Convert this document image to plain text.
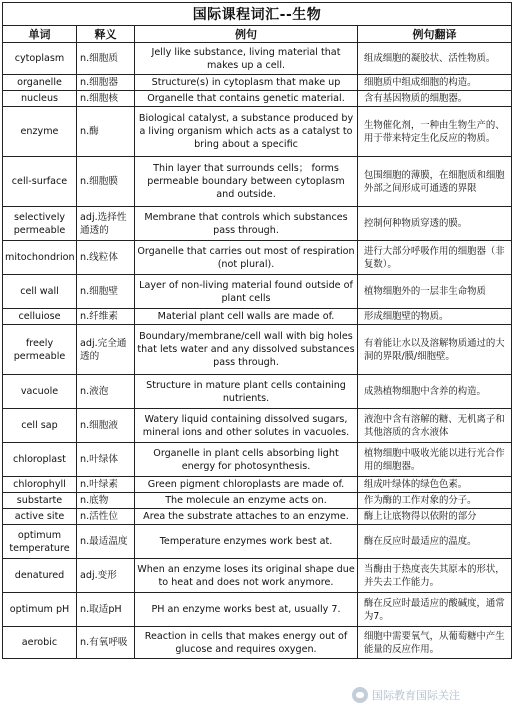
国际课程词汇--生物			
单词	释义	例句	例句翻译
cytoplasm	n.细胞质	Jelly like substance, living material that makes up a cell.	组成细胞的凝胶状、活性物质。
organelle	n.细胞器	Structure(s) in cytoplasm that make up	细胞质中组成细胞的构造。
nucleus	n.细胞核	Organelle that contains genetic material.	含有基因物质的细胞器。
enzyme	n.酶	Biological catalyst, a substance produced by a living organism which acts as a catalyst to bring about a specific	生物催化剂，一种由生物生产的、用于带来特定生化反应的物质。
cell-surface	n.细胞膜	Thin layer that surrounds cells； forms permeable boundary between cytoplasm and outside.	包围细胞的薄膜，在细胞质和细胞外部之间形成可通透的界限
selectively permeable	adj.选择性通透的	Membrane that controls which substances pass through.	控制何种物质穿透的膜。
mitochondrion	n.线粒体	Organelle that carries out most of respiration (not plural).	进行大部分呼吸作用的细胞器（非复数）。
cell wall	n.细胞壁	Layer of non-living material found outside of plant cells	植物细胞外的一层非生命物质
celluiose	n.纤维素	Material plant cell walls are made of.	形成细胞壁的物质。
freely permeable	adj.完全通透的	Boundary/membrane/cell wall with big holes that lets water and any dissolved substances pass through.	有着能让水以及溶解物质通过的大洞的界限/膜/细胞壁。
vacuole	n.液泡	Structure in mature plant cells containing nutrients.	成熟植物细胞中含养的构造。
cell sap	n.细胞液	Watery liquid containing dissolved sugars, mineral ions and other solutes in vacuoles.	液泡中含有溶解的糖、无机离子和其他溶质的含水液体
chloroplast	n.叶绿体	Organelle in plant cells absorbing light energy for photosynthesis.	植物细胞中吸收光能以进行光合作用的细胞器。
chlorophyll	n.叶绿素	Green pigment chloroplasts are made of.	组成叶绿体的绿色色素。
substarte	n.底物	The molecule an enzyme acts on.	作为酶的工作对象的分子。
active site	n.活性位	Area the substrate attaches to an enzyme.	酶上让底物得以依附的部分
optimum temperature	n.最适温度	Temperature enzymes work best at.	酶在反应时最适应的温度。
denatured	adj.变形	When an enzyme loses its original shape due to heat and does not work anymore.	当酶由于热度丧失其原本的形状，并失去工作能力。
optimum pH	n.取适pH	PH an enzyme works best at, usually 7.	酶在反应时最适应的酸碱度，通常为7。
aerobic	n.有氧呼吸	Reaction in cells that makes energy out of glucose and requires oxygen.	细胞中需要氧气，从葡萄糖中产生能量的反应作用。
国际教育国际关注
